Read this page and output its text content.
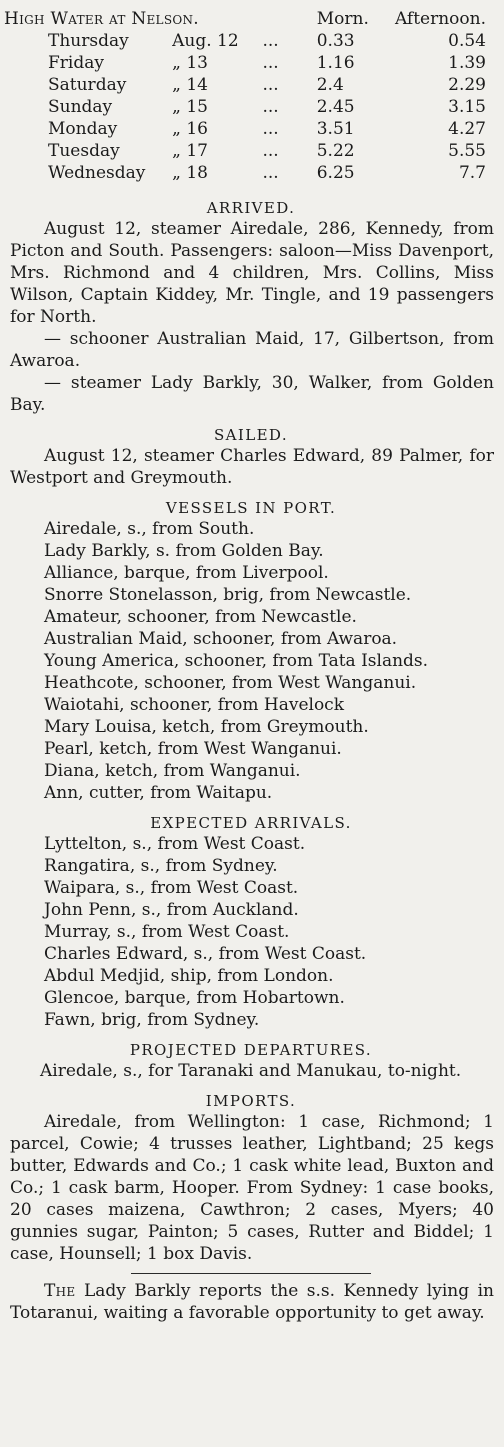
High Water at Nelson.			Morn.	Afternoon.
Thursday	Aug. 12	...	0.33	0.54
Friday	„ 13	...	1.16	1.39
Saturday	„ 14	...	2.4	2.29
Sunday	„ 15	...	2.45	3.15
Monday	„ 16	...	3.51	4.27
Tuesday	„ 17	...	5.22	5.55
Wednesday	„ 18	...	6.25	7.7
ARRIVED.

August 12, steamer Airedale, 286, Kennedy, from Picton and South. Passengers: saloon—Miss Davenport, Mrs. Richmond and 4 children, Mrs. Collins, Miss Wilson, Captain Kiddey, Mr. Tingle, and 19 passengers for North.

— schooner Australian Maid, 17, Gilbertson, from Awaroa.

— steamer Lady Barkly, 30, Walker, from Golden Bay.

SAILED.

August 12, steamer Charles Edward, 89 Palmer, for Westport and Greymouth.

VESSELS IN PORT.
Airedale, s., from South.
Lady Barkly, s. from Golden Bay.
Alliance, barque, from Liverpool.
Snorre Stonelasson, brig, from Newcastle.
Amateur, schooner, from Newcastle.
Australian Maid, schooner, from Awaroa.
Young America, schooner, from Tata Islands.
Heathcote, schooner, from West Wanganui.
Waiotahi, schooner, from Havelock
Mary Louisa, ketch, from Greymouth.
Pearl, ketch, from West Wanganui.
Diana, ketch, from Wanganui.
Ann, cutter, from Waitapu.
EXPECTED ARRIVALS.
Lyttelton, s., from West Coast.
Rangatira, s., from Sydney.
Waipara, s., from West Coast.
John Penn, s., from Auckland.
Murray, s., from West Coast.
Charles Edward, s., from West Coast.
Abdul Medjid, ship, from London.
Glencoe, barque, from Hobartown.
Fawn, brig, from Sydney.
PROJECTED DEPARTURES.

Airedale, s., for Taranaki and Manukau, to-night.

IMPORTS.

Airedale, from Wellington: 1 case, Richmond; 1 parcel, Cowie; 4 trusses leather, Lightband; 25 kegs butter, Edwards and Co.; 1 cask white lead, Buxton and Co.; 1 cask barm, Hooper. From Sydney: 1 case books, 20 cases maizena, Cawthron; 2 cases, Myers; 40 gunnies sugar, Painton; 5 cases, Rutter and Biddel; 1 case, Hounsell; 1 box Davis.

The Lady Barkly reports the s.s. Kennedy lying in Totaranui, waiting a favorable opportunity to get away.
